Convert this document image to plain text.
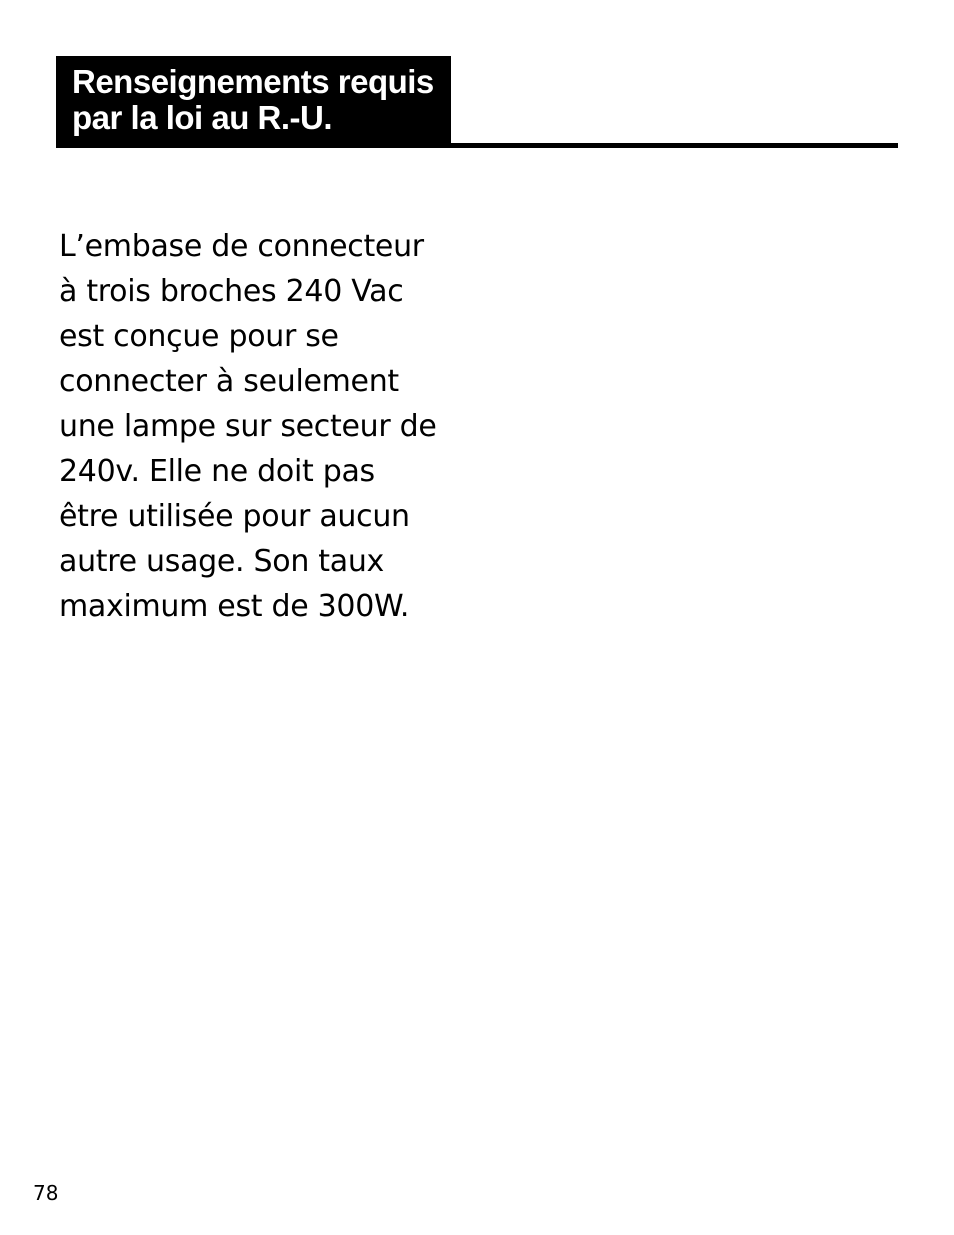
Renseignements requis
par la loi au R.-U.

L’embase de connecteur
à trois broches 240 Vac
est conçue pour se
connecter à seulement
une lampe sur secteur de
240v. Elle ne doit pas
être utilisée pour aucun
autre usage. Son taux
maximum est de 300W.

78
